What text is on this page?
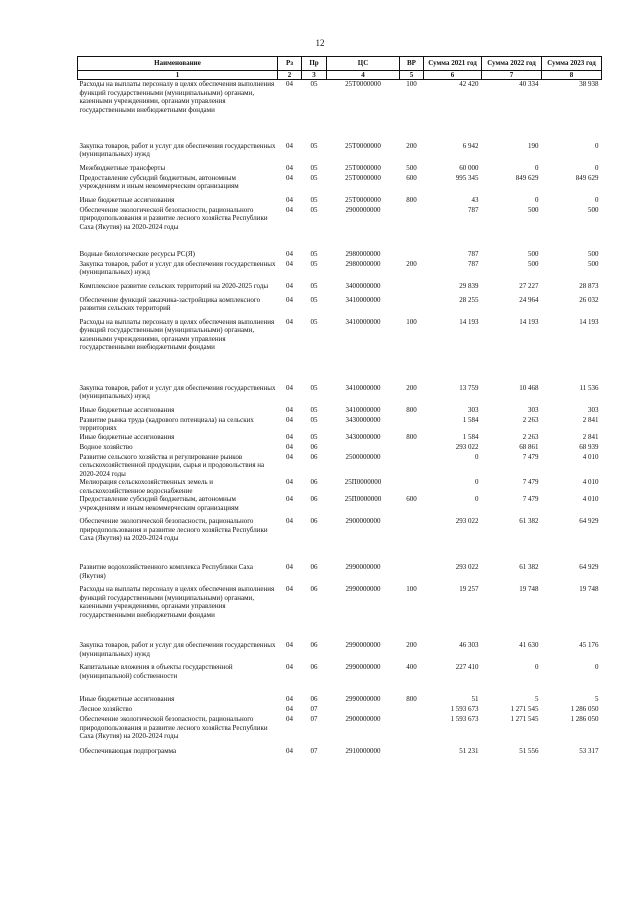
12
Наименование	Рз	Пр	ЦС	ВР	Сумма 2021 год	Сумма 2022 год	Сумма 2023 год
1	2	3	4	5	6	7	8
Расходы на выплаты персоналу в целях обеспечения выполнения функций государственными (муниципальными) органами, казенными учреждениями, органами управления государственными внебюджетными фондами	04	05	25Т0000000	100	42 420	40 334	38 938
Закупка товаров, работ и услуг для обеспечения государственных (муниципальных) нужд	04	05	25Т0000000	200	6 942	190	0
Межбюджетные трансферты	04	05	25Т0000000	500	60 000	0	0
Предоставление субсидий бюджетным, автономным учреждениям и иным некоммерческим организациям	04	05	25Т0000000	600	995 345	849 629	849 629
Иные бюджетные ассигнования	04	05	25Т0000000	800	43	0	0
Обеспечение экологической безопасности, рационального природопользования и развитие лесного хозяйства Республики Саха (Якутия) на 2020-2024 годы	04	05	2900000000		787	500	500
Водные биологические ресурсы РС(Я)	04	05	2980000000		787	500	500
Закупка товаров, работ и услуг для обеспечения государственных (муниципальных) нужд	04	05	2980000000	200	787	500	500
Комплексное развитие сельских территорий на 2020-2025 годы	04	05	3400000000		29 839	27 227	28 873
Обеспечение функций заказчика-застройщика комплексного развития сельских территорий	04	05	3410000000		28 255	24 964	26 032
Расходы на выплаты персоналу в целях обеспечения выполнения функций государственными (муниципальными) органами, казенными учреждениями, органами управления государственными внебюджетными фондами	04	05	3410000000	100	14 193	14 193	14 193
Закупка товаров, работ и услуг для обеспечения государственных (муниципальных) нужд	04	05	3410000000	200	13 759	10 468	11 536
Иные бюджетные ассигнования	04	05	3410000000	800	303	303	303
Развитие рынка труда (кадрового потенциала) на сельских территориях	04	05	3430000000		1 584	2 263	2 841
Иные бюджетные ассигнования	04	05	3430000000	800	1 584	2 263	2 841
Водное хозяйство	04	06			293 022	68 861	68 939
Развитие сельского хозяйства и регулирование рынков сельскохозяйственной продукции, сырья и продовольствия на 2020-2024 годы	04	06	2500000000		0	7 479	4 010
Мелиорация сельскохозяйственных земель и сельскохозяйственное водоснабжение	04	06	25П0000000		0	7 479	4 010
Предоставление субсидий бюджетным, автономным учреждениям и иным некоммерческим организациям	04	06	25П0000000	600	0	7 479	4 010
Обеспечение экологической безопасности, рационального природопользования и развитие лесного хозяйства Республики Саха (Якутия) на 2020-2024 годы	04	06	2900000000		293 022	61 382	64 929
Развитие водохозяйственного комплекса Республики Саха (Якутия)	04	06	2990000000		293 022	61 382	64 929
Расходы на выплаты персоналу в целях обеспечения выполнения функций государственными (муниципальными) органами, казенными учреждениями, органами управления государственными внебюджетными фондами	04	06	2990000000	100	19 257	19 748	19 748
Закупка товаров, работ и услуг для обеспечения государственных (муниципальных) нужд	04	06	2990000000	200	46 303	41 630	45 176
Капитальные вложения в объекты государственной (муниципальной) собственности	04	06	2990000000	400	227 410	0	0
Иные бюджетные ассигнования	04	06	2990000000	800	51	5	5
Лесное хозяйство	04	07			1 593 673	1 271 545	1 286 050
Обеспечение экологической безопасности, рационального природопользования и развитие лесного хозяйства Республики Саха (Якутия) на 2020-2024 годы	04	07	2900000000		1 593 673	1 271 545	1 286 050
Обеспечивающая подпрограмма	04	07	2910000000		51 231	51 556	53 317
